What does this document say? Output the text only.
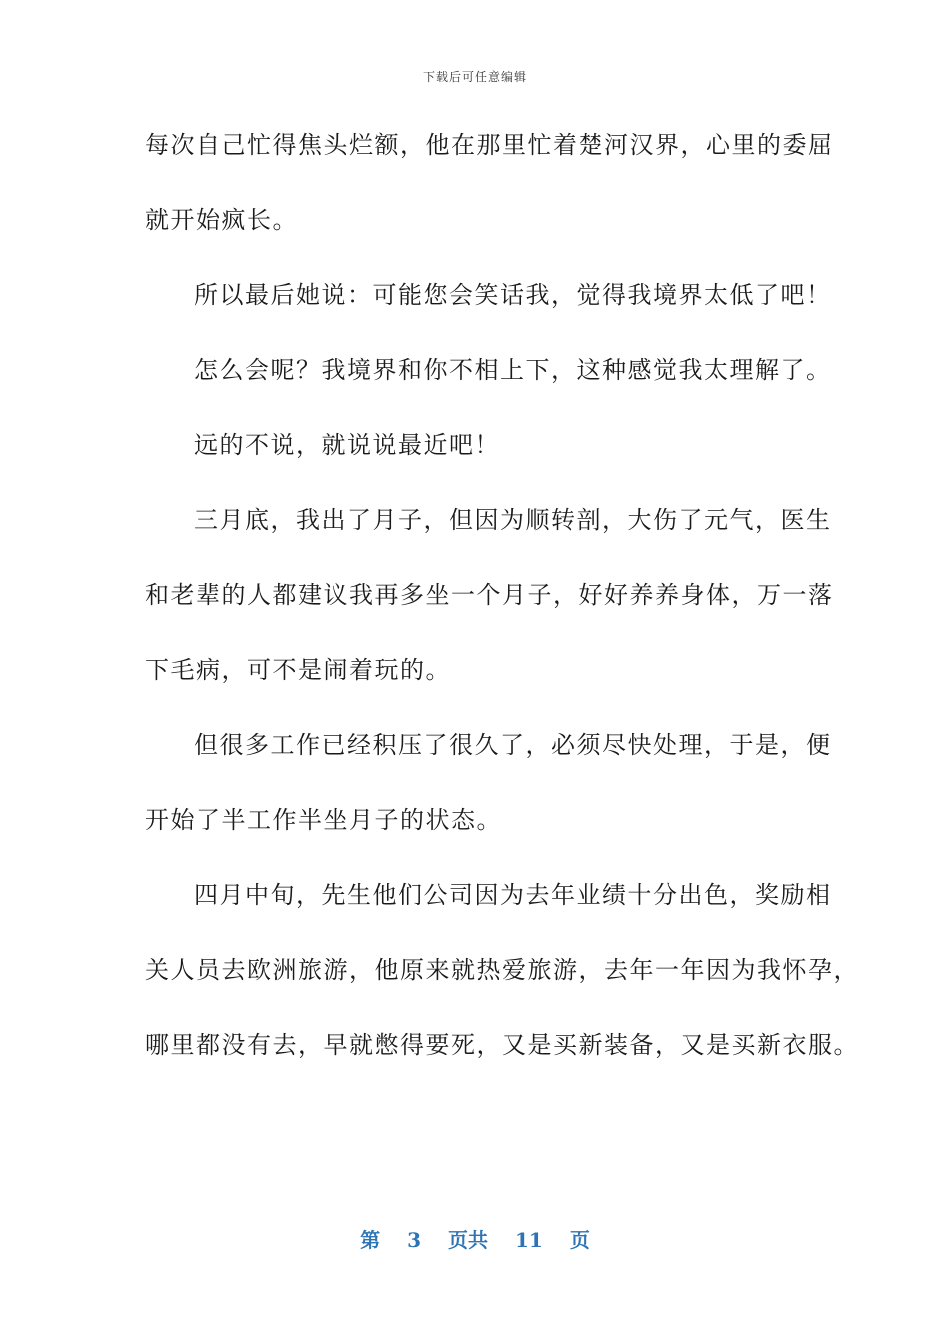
下载后可任意编辑
每次自己忙得焦头烂额，他在那里忙着楚河汉界，心里的委屈
就开始疯长。
所以最后她说：可能您会笑话我，觉得我境界太低了吧！
怎么会呢？我境界和你不相上下，这种感觉我太理解了。
远的不说，就说说最近吧！
三月底，我出了月子，但因为顺转剖，大伤了元气，医生
和老辈的人都建议我再多坐一个月子，好好养养身体，万一落
下毛病，可不是闹着玩的。
但很多工作已经积压了很久了，必须尽快处理，于是，便
开始了半工作半坐月子的状态。
四月中旬，先生他们公司因为去年业绩十分出色，奖励相
关人员去欧洲旅游，他原来就热爱旅游，去年一年因为我怀孕，
哪里都没有去，早就憋得要死，又是买新装备，又是买新衣服。
第 3 页共 11 页
